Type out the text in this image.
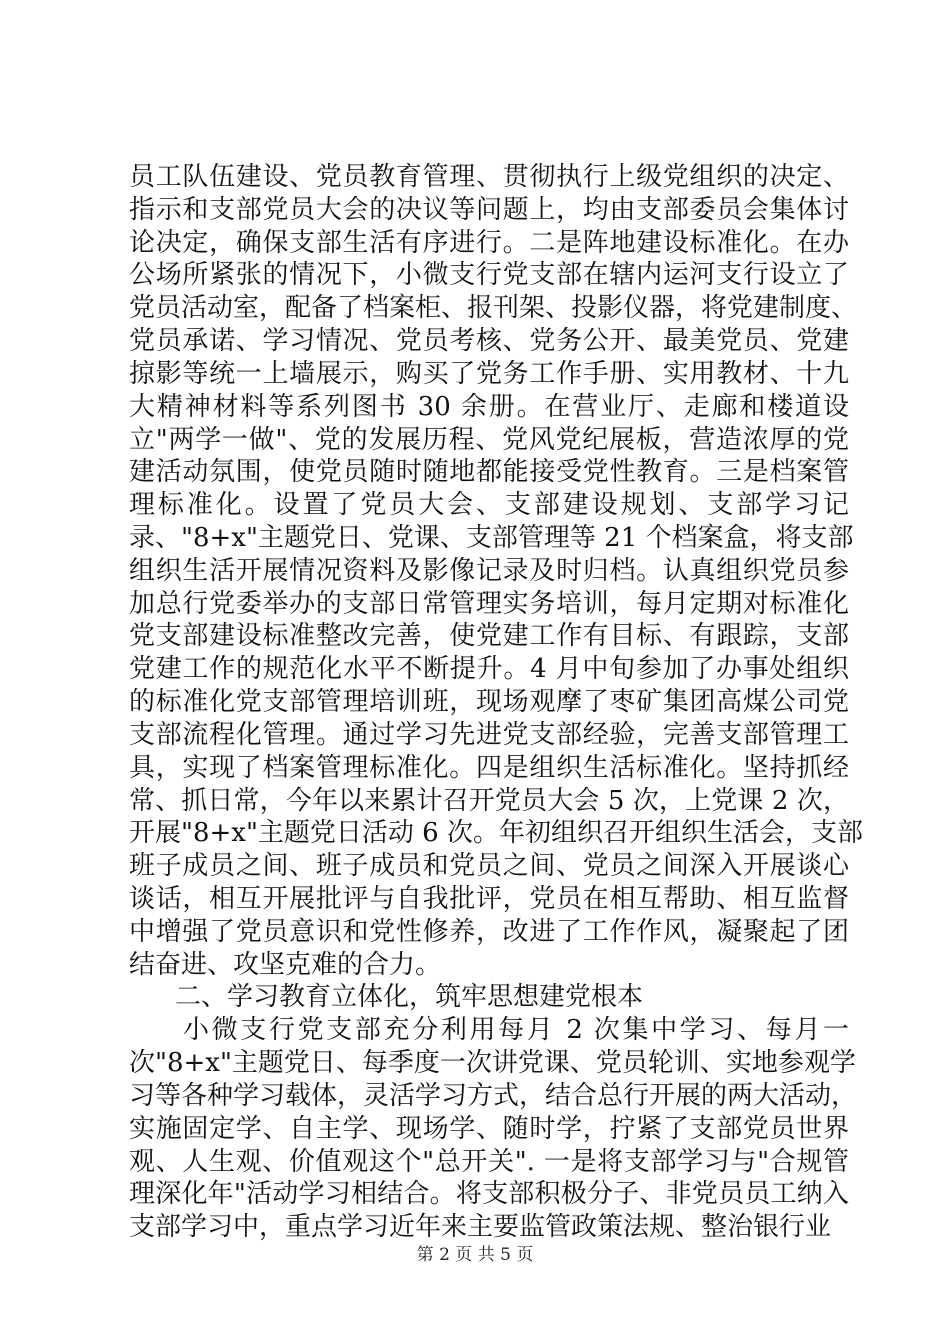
员工队伍建设、党员教育管理、贯彻执行上级党组织的决定、
指示和支部党员大会的决议等问题上，均由支部委员会集体讨
论决定，确保支部生活有序进行。二是阵地建设标准化。在办
公场所紧张的情况下，小微支行党支部在辖内运河支行设立了
党员活动室，配备了档案柜、报刊架、投影仪器，将党建制度、
党员承诺、学习情况、党员考核、党务公开、最美党员、党建
掠影等统一上墙展示，购买了党务工作手册、实用教材、十九
大精神材料等系列图书 30 余册。在营业厅、走廊和楼道设
立"两学一做"、党的发展历程、党风党纪展板，营造浓厚的党
建活动氛围，使党员随时随地都能接受党性教育。三是档案管
理标准化。设置了党员大会、支部建设规划、支部学习记
录、"8+x"主题党日、党课、支部管理等 21 个档案盒，将支部
组织生活开展情况资料及影像记录及时归档。认真组织党员参
加总行党委举办的支部日常管理实务培训，每月定期对标准化
党支部建设标准整改完善，使党建工作有目标、有跟踪，支部
党建工作的规范化水平不断提升。4 月中旬参加了办事处组织
的标准化党支部管理培训班，现场观摩了枣矿集团高煤公司党
支部流程化管理。通过学习先进党支部经验，完善支部管理工
具，实现了档案管理标准化。四是组织生活标准化。坚持抓经
常、抓日常，今年以来累计召开党员大会 5 次，上党课 2 次，
开展"8+x"主题党日活动 6 次。年初组织召开组织生活会，支部
班子成员之间、班子成员和党员之间、党员之间深入开展谈心
谈话，相互开展批评与自我批评，党员在相互帮助、相互监督
中增强了党员意识和党性修养，改进了工作作风，凝聚起了团
结奋进、攻坚克难的合力。
二、学习教育立体化，筑牢思想建党根本
小微支行党支部充分利用每月 2 次集中学习、每月一
次"8+x"主题党日、每季度一次讲党课、党员轮训、实地参观学
习等各种学习载体，灵活学习方式，结合总行开展的两大活动，
实施固定学、自主学、现场学、随时学，拧紧了支部党员世界
观、人生观、价值观这个"总开关". 一是将支部学习与"合规管
理深化年"活动学习相结合。将支部积极分子、非党员员工纳入
支部学习中，重点学习近年来主要监管政策法规、整治银行业
第 2 页 共 5 页
